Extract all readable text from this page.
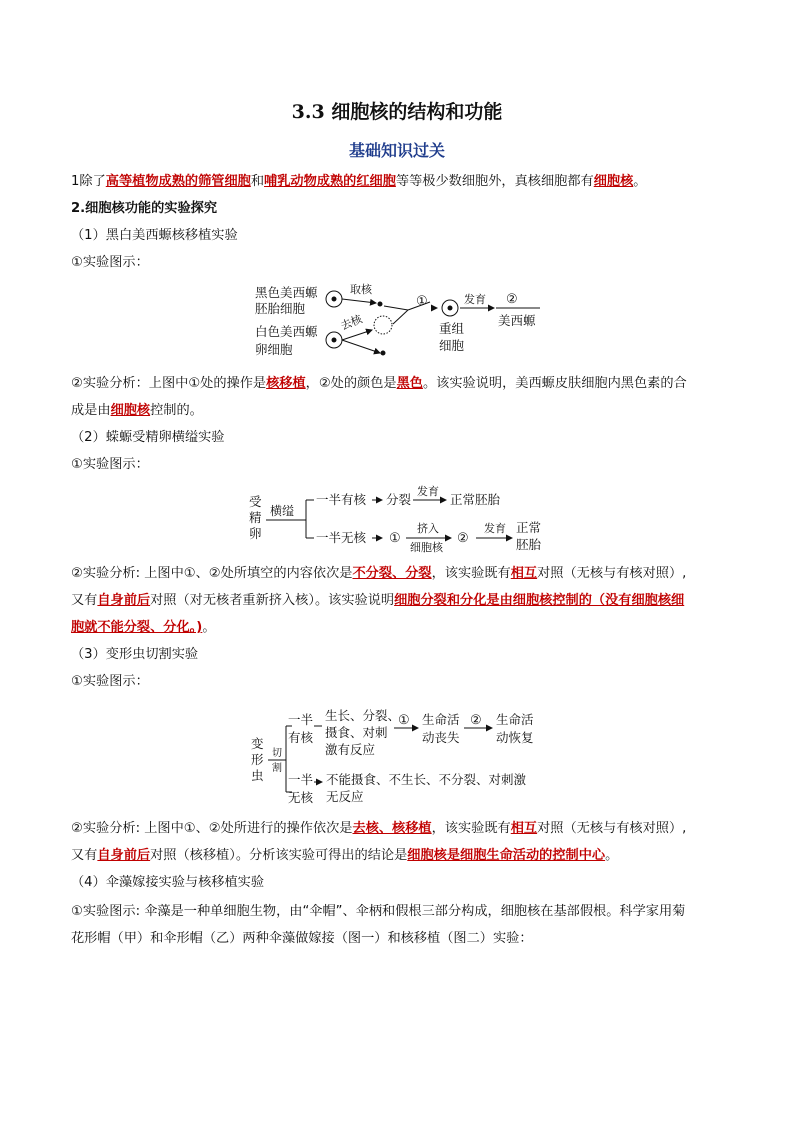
3.3 细胞核的结构和功能
基础知识过关
1除了高等植物成熟的筛管细胞和哺乳动物成熟的红细胞等等极少数细胞外，真核细胞都有细胞核。
2.细胞核功能的实验探究
（1）黑白美西螈核移植实验
①实验图示：
黑色美西螈
胚胎细胞
白色美西螈
卵细胞
取核
去核
①
重组
细胞
发育 ②
美西螈
②实验分析：上图中①处的操作是核移植，②处的颜色是黑色。该实验说明，美西螈皮肤细胞内黑色素的合
成是由细胞核控制的。
（2）蝾螈受精卵横缢实验
①实验图示：
受
精
卵
横缢
一半有核 分裂
发育
正常胚胎
一半无核 ①
挤入
细胞核
②
发育 正常
胚胎
②实验分析: 上图中①、②处所填空的内容依次是不分裂、分裂，该实验既有相互对照（无核与有核对照）,
又有自身前后对照（对无核者重新挤入核）。该实验说明细胞分裂和分化是由细胞核控制的（没有细胞核细
胞就不能分裂、分化。)。
（3）变形虫切割实验
①实验图示：
变
形
虫
切
割
一半
有核
生长、分裂、
摄食、对刺
激有反应
① 生命活
动丧失
② 生命活
动恢复
一半
无核
不能摄食、不生长、不分裂、对刺激
无反应
②实验分析: 上图中①、②处所进行的操作依次是去核、核移植，该实验既有相互对照（无核与有核对照）,
又有自身前后对照（核移植）。分析该实验可得出的结论是细胞核是细胞生命活动的控制中心。
（4）伞藻嫁接实验与核移植实验
①实验图示: 伞藻是一种单细胞生物，由“伞帽”、伞柄和假根三部分构成，细胞核在基部假根。科学家用菊
花形帽（甲）和伞形帽（乙）两种伞藻做嫁接（图一）和核移植（图二）实验：
